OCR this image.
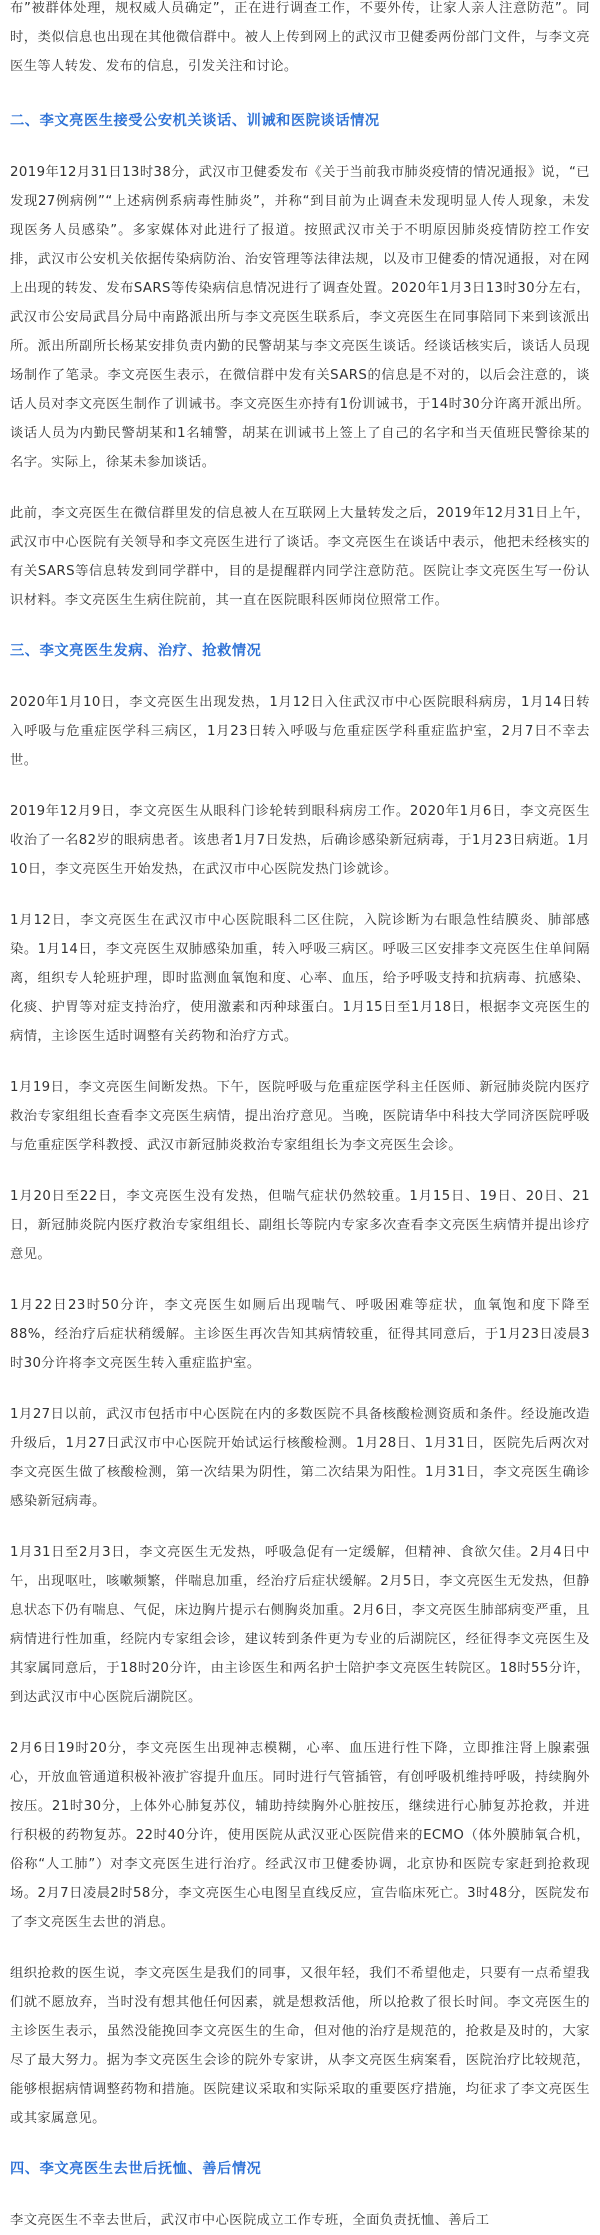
布”被群体处理，规权威人员确定”，正在进行调查工作，不要外传，让家人亲人注意防范”。同时，类似信息也出现在其他微信群中。被人上传到网上的武汉市卫健委两份部门文件，与李文亮医生等人转发、发布的信息，引发关注和讨论。

二、李文亮医生接受公安机关谈话、训诫和医院谈话情况

2019年12月31日13时38分，武汉市卫健委发布《关于当前我市肺炎疫情的情况通报》说，“已发现27例病例”“上述病例系病毒性肺炎”，并称“到目前为止调查未发现明显人传人现象，未发现医务人员感染”。多家媒体对此进行了报道。按照武汉市关于不明原因肺炎疫情防控工作安排，武汉市公安机关依据传染病防治、治安管理等法律法规，以及市卫健委的情况通报，对在网上出现的转发、发布SARS等传染病信息情况进行了调查处置。2020年1月3日13时30分左右，武汉市公安局武昌分局中南路派出所与李文亮医生联系后，李文亮医生在同事陪同下来到该派出所。派出所副所长杨某安排负责内勤的民警胡某与李文亮医生谈话。经谈话核实后，谈话人员现场制作了笔录。李文亮医生表示，在微信群中发有关SARS的信息是不对的，以后会注意的，谈话人员对李文亮医生制作了训诫书。李文亮医生亦持有1份训诫书，于14时30分许离开派出所。谈话人员为内勤民警胡某和1名辅警，胡某在训诫书上签上了自己的名字和当天值班民警徐某的名字。实际上，徐某未参加谈话。

此前，李文亮医生在微信群里发的信息被人在互联网上大量转发之后，2019年12月31日上午，武汉市中心医院有关领导和李文亮医生进行了谈话。李文亮医生在谈话中表示，他把未经核实的有关SARS等信息转发到同学群中，目的是提醒群内同学注意防范。医院让李文亮医生写一份认识材料。李文亮医生生病住院前，其一直在医院眼科医师岗位照常工作。

三、李文亮医生发病、治疗、抢救情况

2020年1月10日，李文亮医生出现发热，1月12日入住武汉市中心医院眼科病房，1月14日转入呼吸与危重症医学科三病区，1月23日转入呼吸与危重症医学科重症监护室，2月7日不幸去世。

2019年12月9日，李文亮医生从眼科门诊轮转到眼科病房工作。2020年1月6日，李文亮医生收治了一名82岁的眼病患者。该患者1月7日发热，后确诊感染新冠病毒，于1月23日病逝。1月10日，李文亮医生开始发热，在武汉市中心医院发热门诊就诊。

1月12日，李文亮医生在武汉市中心医院眼科二区住院，入院诊断为右眼急性结膜炎、肺部感染。1月14日，李文亮医生双肺感染加重，转入呼吸三病区。呼吸三区安排李文亮医生住单间隔离，组织专人轮班护理，即时监测血氧饱和度、心率、血压，给予呼吸支持和抗病毒、抗感染、化痰、护胃等对症支持治疗，使用激素和丙种球蛋白。1月15日至1月18日，根据李文亮医生的病情，主诊医生适时调整有关药物和治疗方式。

1月19日，李文亮医生间断发热。下午，医院呼吸与危重症医学科主任医师、新冠肺炎院内医疗救治专家组组长查看李文亮医生病情，提出治疗意见。当晚，医院请华中科技大学同济医院呼吸与危重症医学科教授、武汉市新冠肺炎救治专家组组长为李文亮医生会诊。

1月20日至22日，李文亮医生没有发热，但喘气症状仍然较重。1月15日、19日、20日、21日，新冠肺炎院内医疗救治专家组组长、副组长等院内专家多次查看李文亮医生病情并提出诊疗意见。

1月22日23时50分许，李文亮医生如厕后出现喘气、呼吸困难等症状，血氧饱和度下降至88%，经治疗后症状稍缓解。主诊医生再次告知其病情较重，征得其同意后，于1月23日凌晨3时30分许将李文亮医生转入重症监护室。

1月27日以前，武汉市包括市中心医院在内的多数医院不具备核酸检测资质和条件。经设施改造升级后，1月27日武汉市中心医院开始试运行核酸检测。1月28日、1月31日，医院先后两次对李文亮医生做了核酸检测，第一次结果为阴性，第二次结果为阳性。1月31日，李文亮医生确诊感染新冠病毒。

1月31日至2月3日，李文亮医生无发热，呼吸急促有一定缓解，但精神、食欲欠佳。2月4日中午，出现呕吐，咳嗽频繁，伴喘息加重，经治疗后症状缓解。2月5日，李文亮医生无发热，但静息状态下仍有喘息、气促，床边胸片提示右侧胸炎加重。2月6日，李文亮医生肺部病变严重，且病情进行性加重，经院内专家组会诊，建议转到条件更为专业的后湖院区，经征得李文亮医生及其家属同意后，于18时20分许，由主诊医生和两名护士陪护李文亮医生转院区。18时55分许，到达武汉市中心医院后湖院区。

2月6日19时20分，李文亮医生出现神志模糊，心率、血压进行性下降，立即推注肾上腺素强心，开放血管通道积极补液扩容提升血压。同时进行气管插管，有创呼吸机维持呼吸，持续胸外按压。21时30分，上体外心肺复苏仪，辅助持续胸外心脏按压，继续进行心肺复苏抢救，并进行积极的药物复苏。22时40分许，使用医院从武汉亚心医院借来的ECMO（体外膜肺氧合机，俗称“人工肺”）对李文亮医生进行治疗。经武汉市卫健委协调，北京协和医院专家赶到抢救现场。2月7日凌晨2时58分，李文亮医生心电图呈直线反应，宣告临床死亡。3时48分，医院发布了李文亮医生去世的消息。

组织抢救的医生说，李文亮医生是我们的同事，又很年轻，我们不希望他走，只要有一点希望我们就不愿放弃，当时没有想其他任何因素，就是想救活他，所以抢救了很长时间。李文亮医生的主诊医生表示，虽然没能挽回李文亮医生的生命，但对他的治疗是规范的，抢救是及时的，大家尽了最大努力。据为李文亮医生会诊的院外专家讲，从李文亮医生病案看，医院治疗比较规范，能够根据病情调整药物和措施。医院建议采取和实际采取的重要医疗措施，均征求了李文亮医生或其家属意见。

四、李文亮医生去世后抚恤、善后情况

李文亮医生不幸去世后，武汉市中心医院成立工作专班，全面负责抚恤、善后工
